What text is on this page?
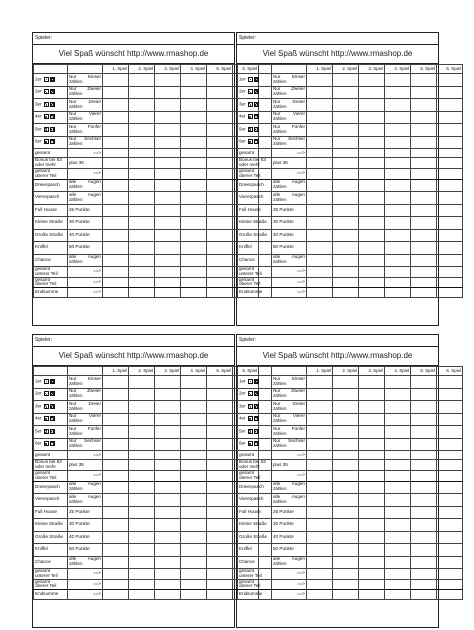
Spieler:
Viel Spaß wünscht http://www.rmashop.de
		1. Spiel	2. Spiel	3. Spiel	4. Spiel	5. Spiel	6. Spiel
1er	Nur Einser
zählen						

2er	Nur Zweier
zählen						

3er	Nur Dreier
zählen						

4er	Nur Vierer
zählen						

5er	Nur Fünfer
zählen						

6er	Nur Sechser
zählen						

gesamt	==>						

Bonus bei 63
oder mehr	plus 35						

gesamt
oberer Teil	==>						
Dreierpasch	alle Augen
zählen						

Viererpasch	alle Augen
zählen						

Full House	25 Punkte						

Kleine Straße	30 Punkte						

Große Straße	40 Punkte						

Kniffel	50 Punkte						

Chance	alle Augen
zählen						

gesamt
unterer Teil	==>						

gesamt
oberer Teil	==>						

Endsumme	==>						
Spieler:
Viel Spaß wünscht http://www.rmashop.de
		1. Spiel	2. Spiel	3. Spiel	4. Spiel	5. Spiel	6. Spiel
1er	Nur Einser
zählen						

2er	Nur Zweier
zählen						

3er	Nur Dreier
zählen						

4er	Nur Vierer
zählen						

5er	Nur Fünfer
zählen						

6er	Nur Sechser
zählen						

gesamt	==>						

Bonus bei 63
oder mehr	plus 35						

gesamt
oberer Teil	==>						
Dreierpasch	alle Augen
zählen						

Viererpasch	alle Augen
zählen						

Full House	25 Punkte						

Kleine Straße	30 Punkte						

Große Straße	40 Punkte						

Kniffel	50 Punkte						

Chance	alle Augen
zählen						

gesamt
unterer Teil	==>						

gesamt
oberer Teil	==>						

Endsumme	==>						
Spieler:
Viel Spaß wünscht http://www.rmashop.de
		1. Spiel	2. Spiel	3. Spiel	4. Spiel	5. Spiel	6. Spiel
1er	Nur Einser
zählen						

2er	Nur Zweier
zählen						

3er	Nur Dreier
zählen						

4er	Nur Vierer
zählen						

5er	Nur Fünfer
zählen						

6er	Nur Sechser
zählen						

gesamt	==>						

Bonus bei 63
oder mehr	plus 35						

gesamt
oberer Teil	==>						
Dreierpasch	alle Augen
zählen						

Viererpasch	alle Augen
zählen						

Full House	25 Punkte						

Kleine Straße	30 Punkte						

Große Straße	40 Punkte						

Kniffel	50 Punkte						

Chance	alle Augen
zählen						

gesamt
unterer Teil	==>						

gesamt
oberer Teil	==>						

Endsumme	==>						
Spieler:
Viel Spaß wünscht http://www.rmashop.de
		1. Spiel	2. Spiel	3. Spiel	4. Spiel	5. Spiel	6. Spiel
1er	Nur Einser
zählen						

2er	Nur Zweier
zählen						

3er	Nur Dreier
zählen						

4er	Nur Vierer
zählen						

5er	Nur Fünfer
zählen						

6er	Nur Sechser
zählen						

gesamt	==>						

Bonus bei 63
oder mehr	plus 35						

gesamt
oberer Teil	==>						
Dreierpasch	alle Augen
zählen						

Viererpasch	alle Augen
zählen						

Full House	25 Punkte						

Kleine Straße	30 Punkte						

Große Straße	40 Punkte						

Kniffel	50 Punkte						

Chance	alle Augen
zählen						

gesamt
unterer Teil	==>						

gesamt
oberer Teil	==>						

Endsumme	==>						
